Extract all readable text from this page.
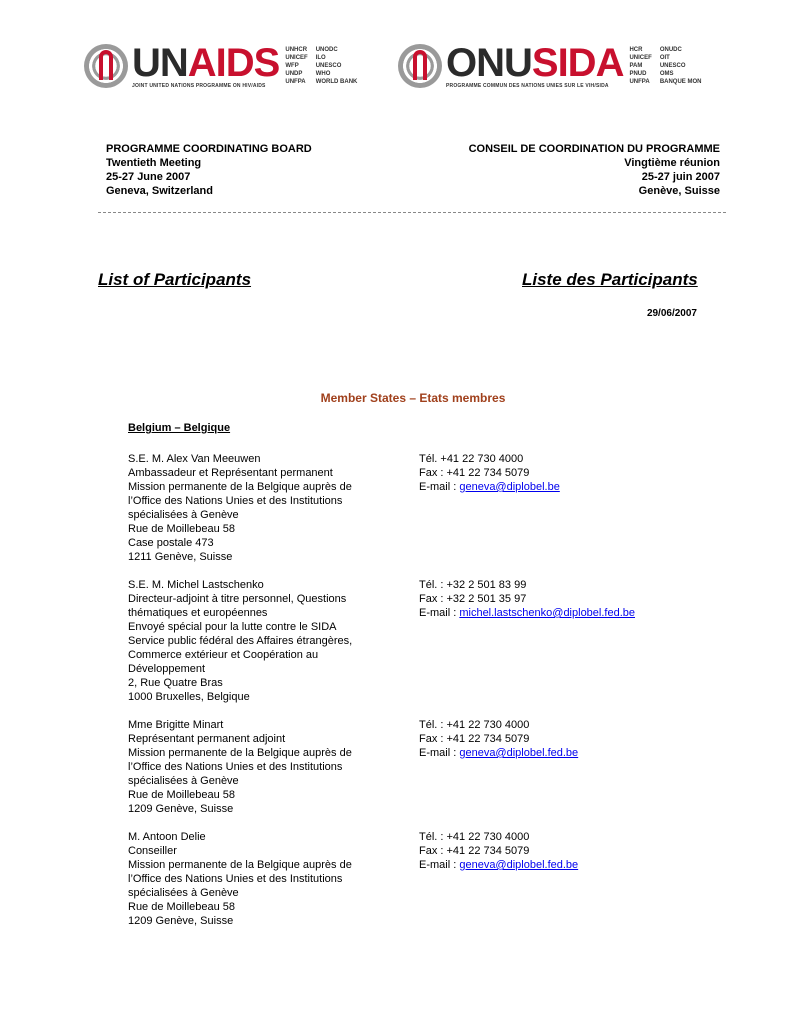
UNAIDS
JOINT UNITED NATIONS PROGRAMME ON HIV/AIDS
UNHCR UNODC
UNICEF ILO
WFP	UNESCO
UNDP	WHO
UNFPA	WORLD BANK ONUSIDA
PROGRAMME COMMUN DES NATIONS UNIES SUR LE VIH/SIDA
HCR	ONUDC
UNICEF OIT
PAM	UNESCO
PNUD	OMS
UNFPA	BANQUE MON
PROGRAMME COORDINATING BOARD
Twentieth Meeting
25-27 June 2007
Geneva, Switzerland
CONSEIL DE COORDINATION DU PROGRAMME
Vingtième réunion
25-27 juin 2007
Genève, Suisse
List of Participants	Liste des Participants
29/06/2007
Member States – Etats membres
Belgium – Belgique
S.E. M. Alex Van Meeuwen
Ambassadeur et Représentant permanent
Mission permanente de la Belgique auprès de
l’Office des Nations Unies et des Institutions
spécialisées à Genève
Rue de Moillebeau 58
Case postale 473
1211 Genève, Suisse
Tél. +41 22 730 4000
Fax : +41 22 734 5079
E-mail : geneva@diplobel.be
S.E. M. Michel Lastschenko
Directeur-adjoint à titre personnel, Questions
thématiques et européennes
Envoyé spécial pour la lutte contre le SIDA
Service public fédéral des Affaires étrangères,
Commerce extérieur et Coopération au
Développement
2, Rue Quatre Bras
1000 Bruxelles, Belgique
Tél. : +32 2 501 83 99
Fax : +32 2 501 35 97
E-mail : michel.lastschenko@diplobel.fed.be
Mme Brigitte Minart
Représentant permanent adjoint
Mission permanente de la Belgique auprès de
l’Office des Nations Unies et des Institutions
spécialisées à Genève
Rue de Moillebeau 58
1209 Genève, Suisse
Tél. : +41 22 730 4000
Fax : +41 22 734 5079
E-mail : geneva@diplobel.fed.be
M. Antoon Delie
Conseiller
Mission permanente de la Belgique auprès de
l’Office des Nations Unies et des Institutions
spécialisées à Genève
Rue de Moillebeau 58
1209 Genève, Suisse
Tél. : +41 22 730 4000
Fax : +41 22 734 5079
E-mail : geneva@diplobel.fed.be
